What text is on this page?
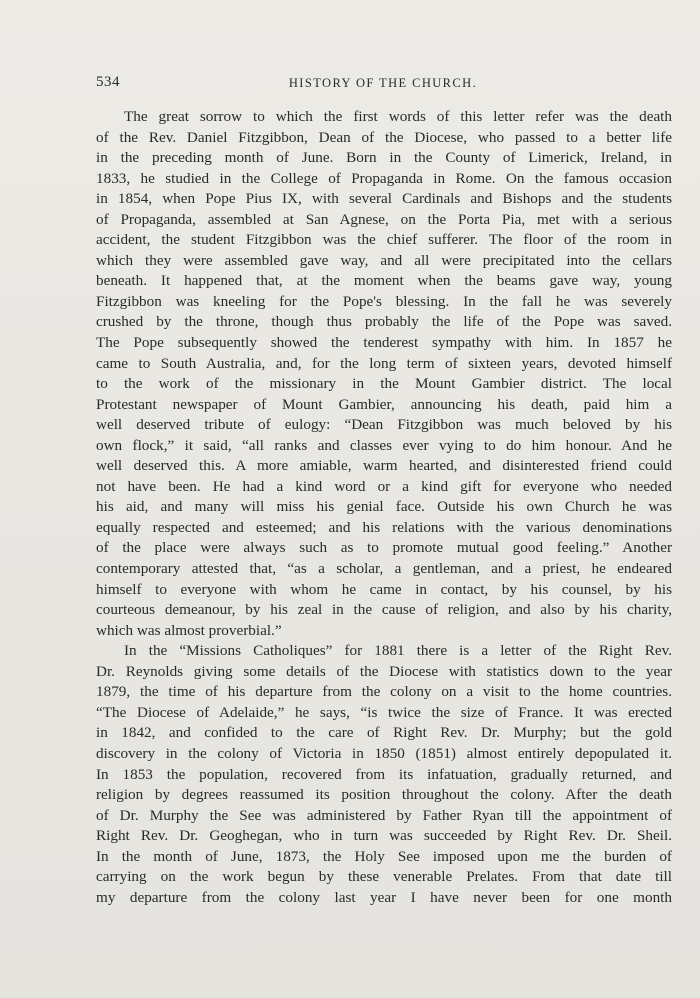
534	HISTORY OF THE CHURCH.
The great sorrow to which the first words of this letter refer was the death
of the Rev. Daniel Fitzgibbon, Dean of the Diocese, who passed to a better life
in the preceding month of June. Born in the County of Limerick, Ireland, in
1833, he studied in the College of Propaganda in Rome. On the famous occasion
in 1854, when Pope Pius IX, with several Cardinals and Bishops and the students
of Propaganda, assembled at San Agnese, on the Porta Pia, met with a serious
accident, the student Fitzgibbon was the chief sufferer. The floor of the room in
which they were assembled gave way, and all were precipitated into the cellars
beneath. It happened that, at the moment when the beams gave way, young
Fitzgibbon was kneeling for the Pope's blessing. In the fall he was severely
crushed by the throne, though thus probably the life of the Pope was saved.
The Pope subsequently showed the tenderest sympathy with him. In 1857 he
came to South Australia, and, for the long term of sixteen years, devoted himself
to the work of the missionary in the Mount Gambier district. The local
Protestant newspaper of Mount Gambier, announcing his death, paid him a
well deserved tribute of eulogy: “Dean Fitzgibbon was much beloved by his
own flock,” it said, “all ranks and classes ever vying to do him honour. And he
well deserved this. A more amiable, warm hearted, and disinterested friend could
not have been. He had a kind word or a kind gift for everyone who needed
his aid, and many will miss his genial face. Outside his own Church he was
equally respected and esteemed; and his relations with the various denominations
of the place were always such as to promote mutual good feeling.” Another
contemporary attested that, “as a scholar, a gentleman, and a priest, he endeared
himself to everyone with whom he came in contact, by his counsel, by his
courteous demeanour, by his zeal in the cause of religion, and also by his charity,
which was almost proverbial.”
In the “Missions Catholiques” for 1881 there is a letter of the Right Rev.
Dr. Reynolds giving some details of the Diocese with statistics down to the year
1879, the time of his departure from the colony on a visit to the home countries.
“The Diocese of Adelaide,” he says, “is twice the size of France. It was erected
in 1842, and confided to the care of Right Rev. Dr. Murphy; but the gold
discovery in the colony of Victoria in 1850 (1851) almost entirely depopulated it.
In 1853 the population, recovered from its infatuation, gradually returned, and
religion by degrees reassumed its position throughout the colony. After the death
of Dr. Murphy the See was administered by Father Ryan till the appointment of
Right Rev. Dr. Geoghegan, who in turn was succeeded by Right Rev. Dr. Sheil.
In the month of June, 1873, the Holy See imposed upon me the burden of
carrying on the work begun by these venerable Prelates. From that date till
my departure from the colony last year I have never been for one month
